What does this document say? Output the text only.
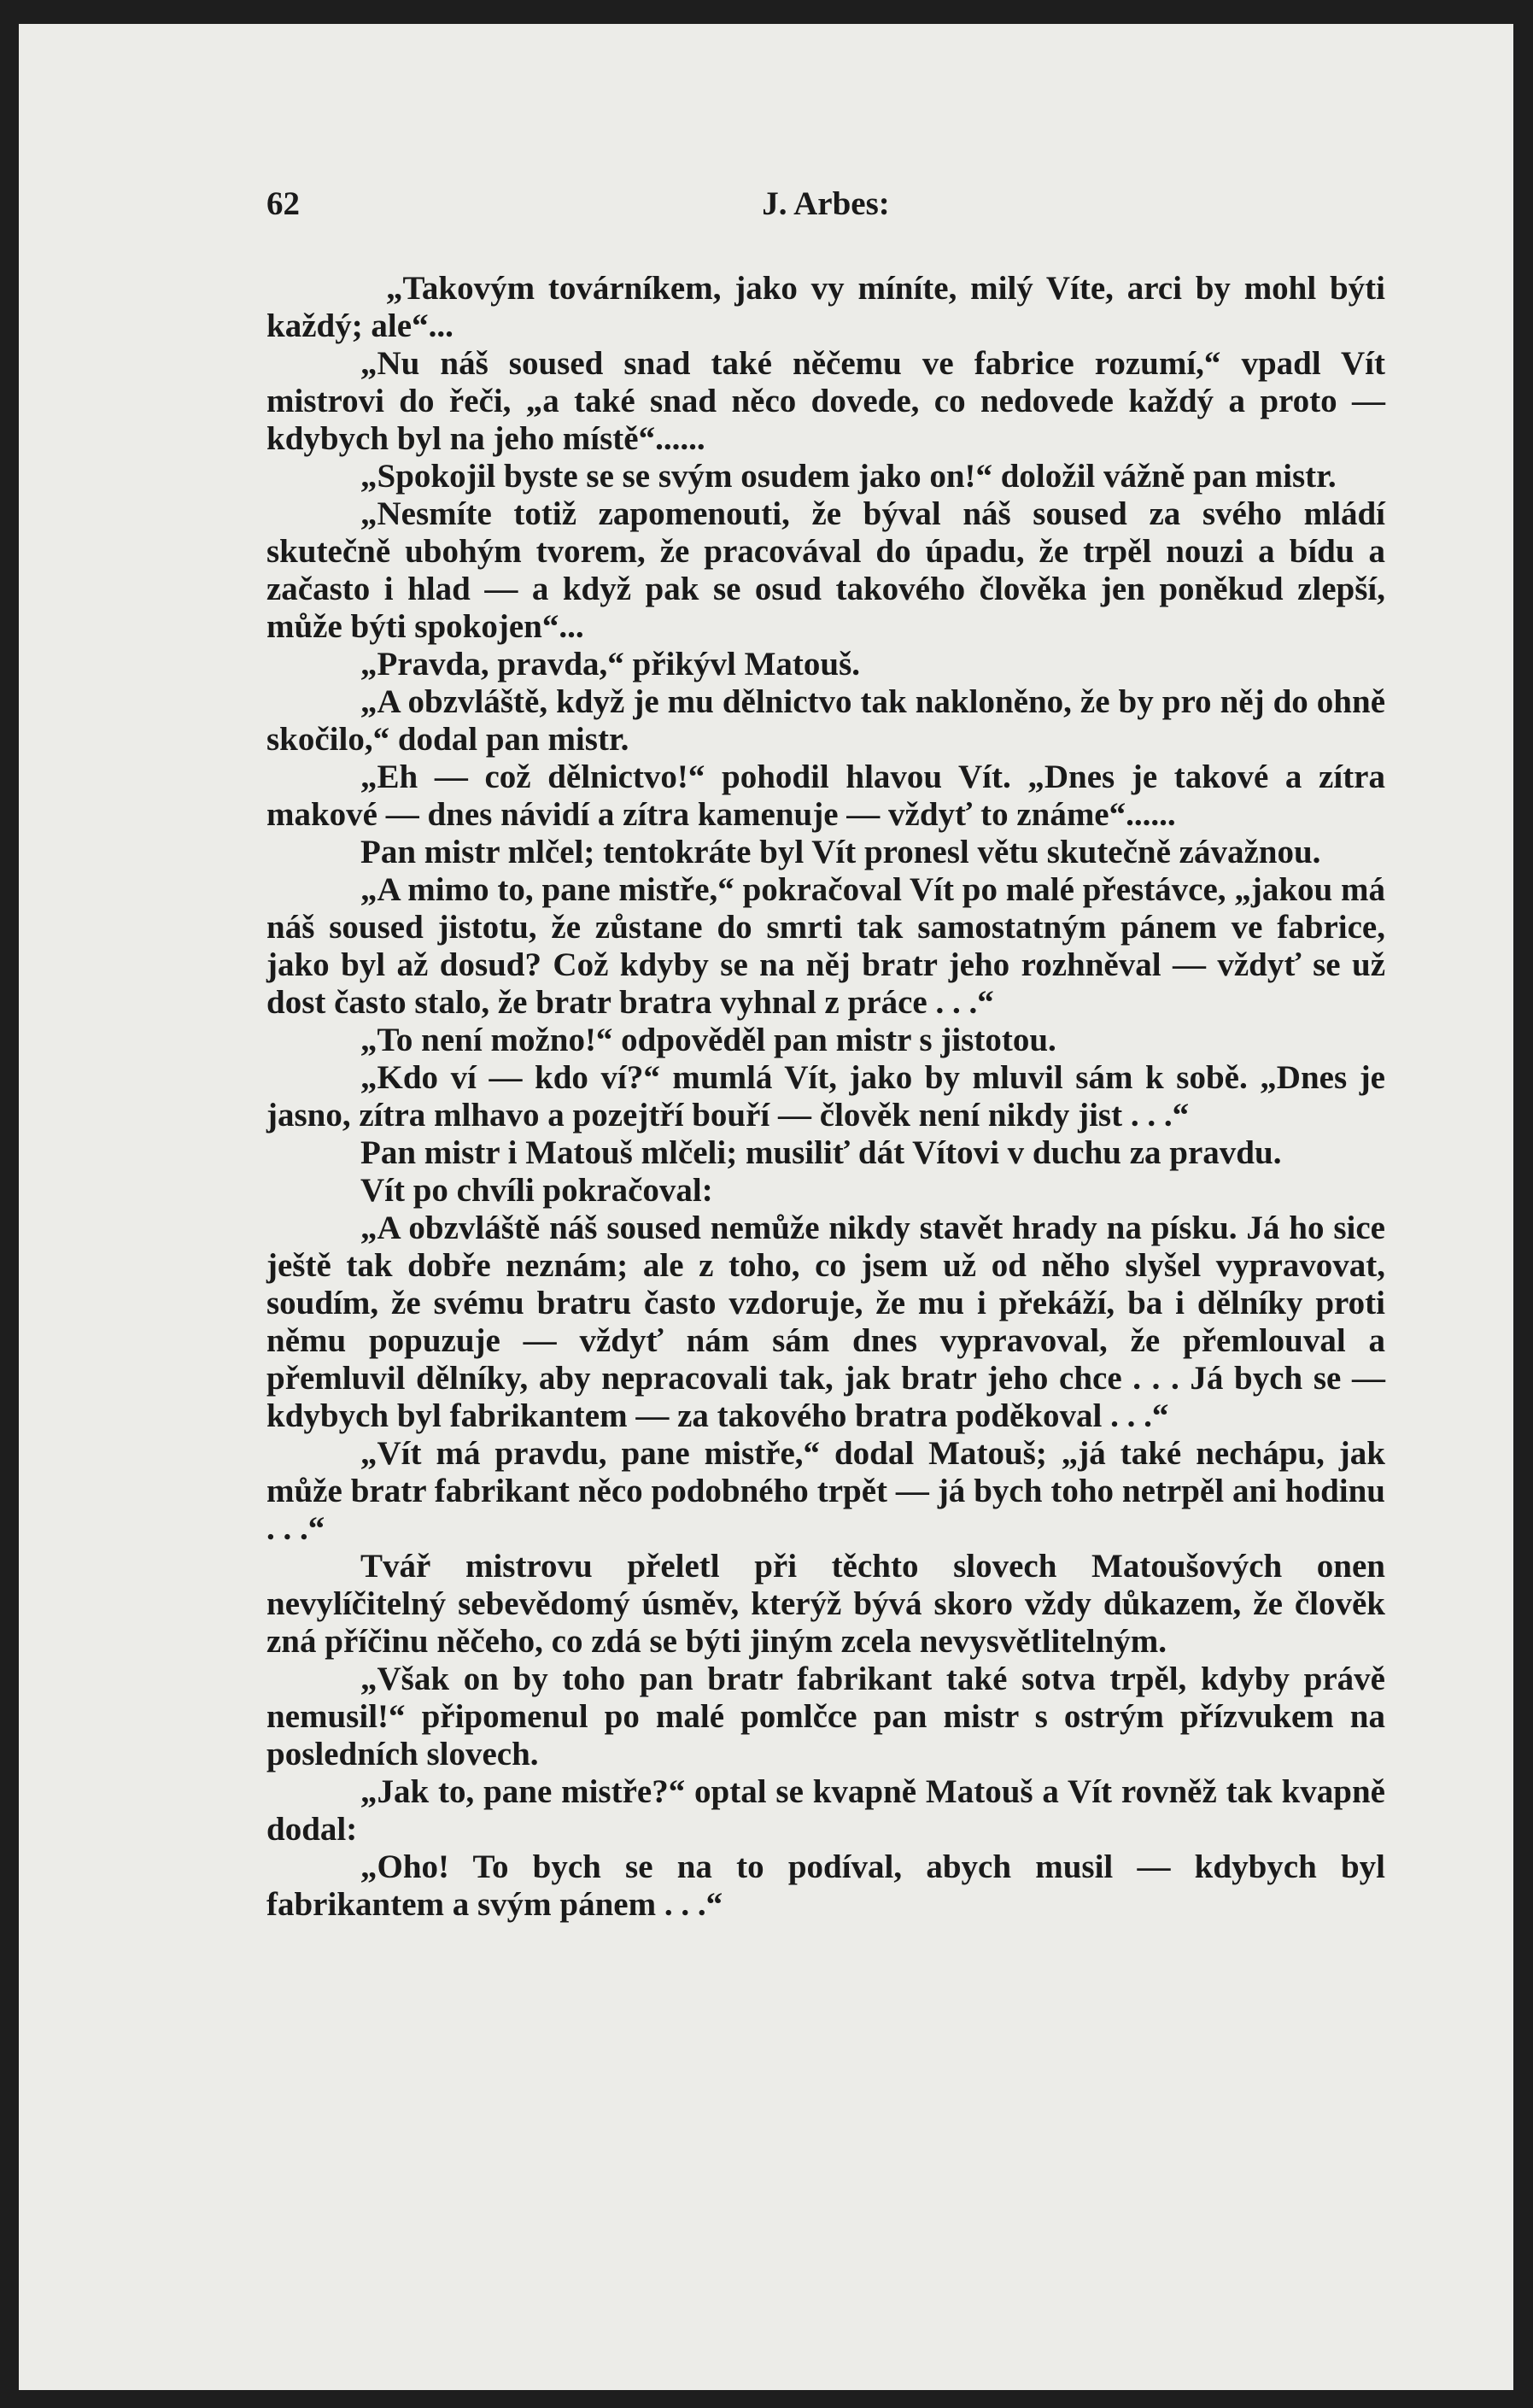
62	J. Arbes:

„Takovým továrníkem, jako vy míníte, milý Víte, arci by mohl býti každý; ale“...

„Nu náš soused snad také něčemu ve fabrice rozumí,“ vpadl Vít mistrovi do řeči, „a také snad něco dovede, co nedovede každý a proto — kdybych byl na jeho místě“......

„Spokojil byste se se svým osudem jako on!“ doložil vážně pan mistr.

„Nesmíte totiž zapomenouti, že býval náš soused za svého mládí skutečně ubohým tvorem, že pracovával do úpadu, že trpěl nouzi a bídu a začasto i hlad — a když pak se osud takového člověka jen poněkud zlepší, může býti spokojen“...

„Pravda, pravda,“ přikývl Matouš.

„A obzvláště, když je mu dělnictvo tak nakloněno, že by pro něj do ohně skočilo,“ dodal pan mistr.

„Eh — což dělnictvo!“ pohodil hlavou Vít. „Dnes je takové a zítra makové — dnes návidí a zítra kamenuje — vždyť to známe“......

Pan mistr mlčel; tentokráte byl Vít pronesl větu skutečně závažnou.

„A mimo to, pane mistře,“ pokračoval Vít po malé přestávce, „jakou má náš soused jistotu, že zůstane do smrti tak samostatným pánem ve fabrice, jako byl až dosud? Což kdyby se na něj bratr jeho rozhněval — vždyť se už dost často stalo, že bratr bratra vyhnal z práce . . .“

„To není možno!“ odpověděl pan mistr s jistotou.

„Kdo ví — kdo ví?“ mumlá Vít, jako by mluvil sám k sobě. „Dnes je jasno, zítra mlhavo a pozejtří bouří — člověk není nikdy jist . . .“

Pan mistr i Matouš mlčeli; musiliť dát Vítovi v duchu za pravdu.

Vít po chvíli pokračoval:

„A obzvláště náš soused nemůže nikdy stavět hrady na písku. Já ho sice ještě tak dobře neznám; ale z toho, co jsem už od něho slyšel vypravovat, soudím, že svému bratru často vzdoruje, že mu i překáží, ba i dělníky proti němu popuzuje — vždyť nám sám dnes vypravoval, že přemlouval a přemluvil dělníky, aby nepracovali tak, jak bratr jeho chce . . . Já bych se — kdybych byl fabrikantem — za takového bratra poděkoval . . .“

„Vít má pravdu, pane mistře,“ dodal Matouš; „já také nechápu, jak může bratr fabrikant něco podobného trpět — já bych toho netrpěl ani hodinu . . .“

Tvář mistrovu přeletl při těchto slovech Matoušových onen nevylíčitelný sebevědomý úsměv, kterýž bývá skoro vždy důkazem, že člověk zná příčinu něčeho, co zdá se býti jiným zcela nevysvětlitelným.

„Však on by toho pan bratr fabrikant také sotva trpěl, kdyby právě nemusil!“ připomenul po malé pomlčce pan mistr s ostrým přízvukem na posledních slovech.

„Jak to, pane mistře?“ optal se kvapně Matouš a Vít rovněž tak kvapně dodal:

„Oho! To bych se na to podíval, abych musil — kdybych byl fabrikantem a svým pánem . . .“
